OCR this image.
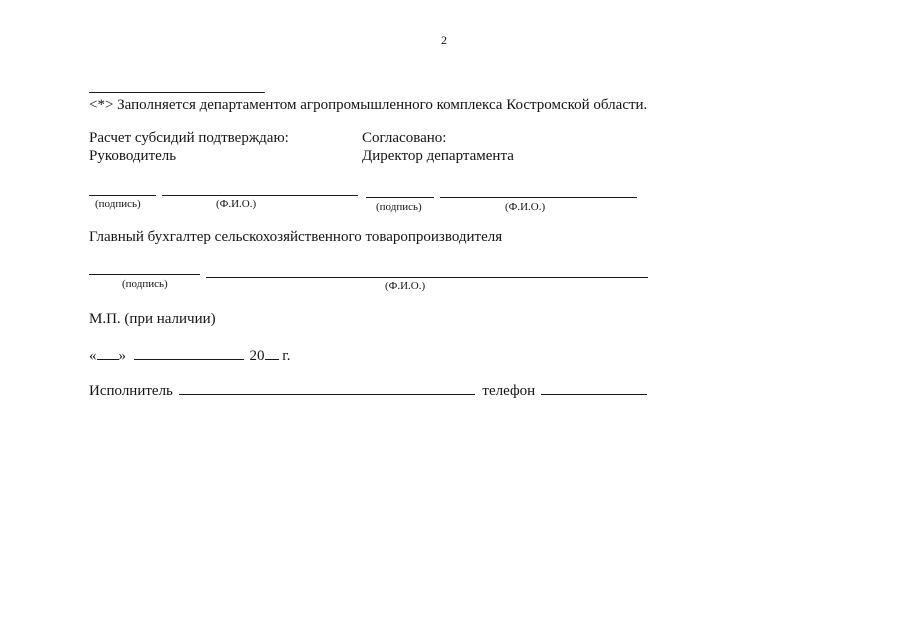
2
<*> Заполняется департаментом агропромышленного комплекса Костромской области.
Расчет субсидий подтверждаю:
Руководитель
Согласовано:
Директор департамента
(подпись)	(Ф.И.О.)	(подпись)	(Ф.И.О.)
Главный бухгалтер сельскохозяйственного товаропроизводителя
(подпись)	(Ф.И.О.)
М.П. (при наличии)
« »	20 г.
Исполнитель	телефон
